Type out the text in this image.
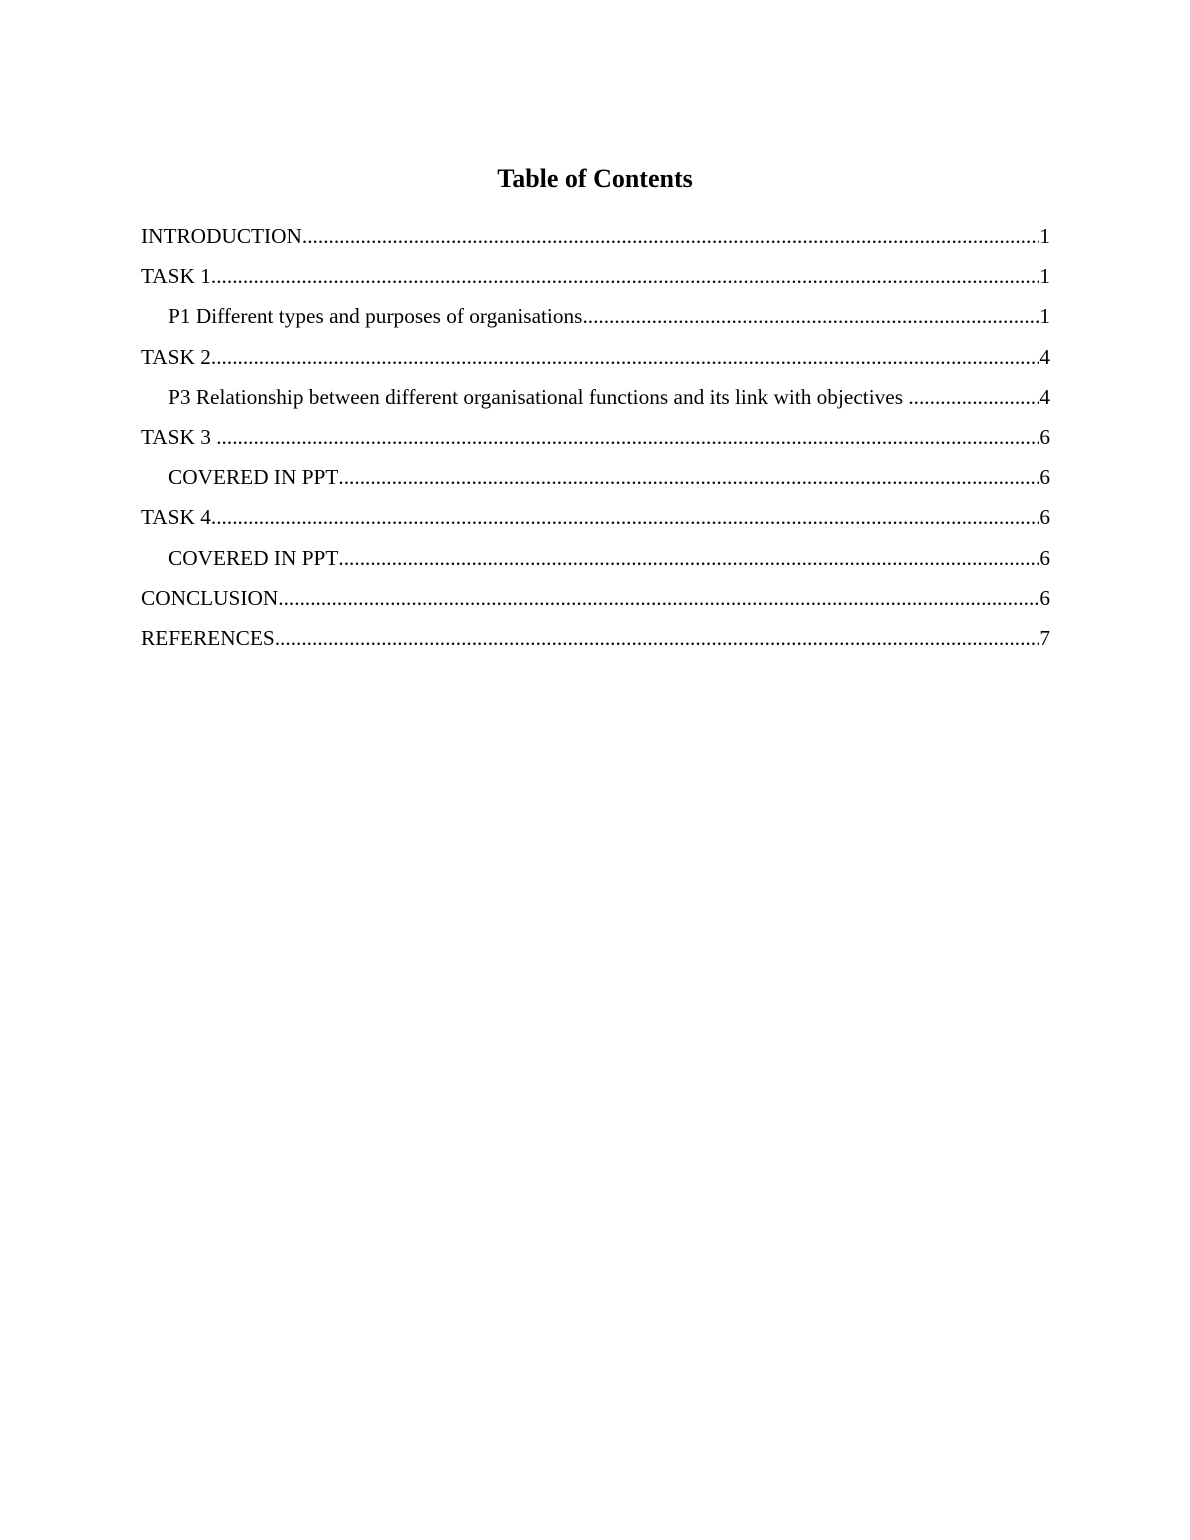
Table of Contents
INTRODUCTION .....	1
TASK 1 .....	1
P1 Different types and purposes of organisations .....	1
TASK 2 .....	4
P3 Relationship between different organisational functions and its link with objectives .....	4
TASK 3 .....	6
COVERED IN PPT .....	6
TASK 4 .....	6
COVERED IN PPT .....	6
CONCLUSION .....	6
REFERENCES .....	7
